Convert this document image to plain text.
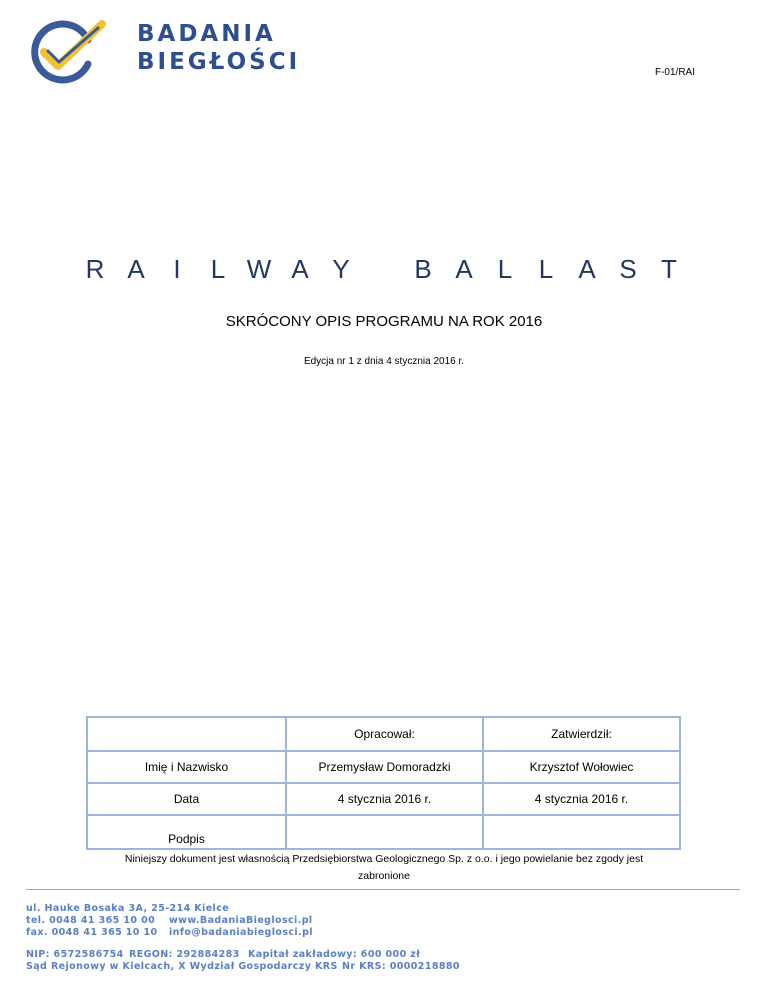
BADANIA
BIEGŁOŚCI	F-01/RAI
R A	I	L W A Y B A L L A S T
SKRÓCONY OPIS PROGRAMU NA ROK 2016
Edycja nr 1 z dnia 4 stycznia 2016 r.
	Opracował:	Zatwierdził:
Imię i Nazwisko	Przemysław Domoradzki	Krzysztof Wołowiec
Data	4 stycznia 2016 r.	4 stycznia 2016 r.
Podpis		
Niniejszy dokument jest własnością Przedsiębiorstwa Geologicznego Sp. z o.o. i jego powielanie bez zgody jest
zabronione
ul. Hauke Bosaka 3A, 25-214 Kielce
tel. 0048 41 365 10 00 www.BadaniaBieglosci.pl
fax. 0048 41 365 10 10 info@badaniabieglosci.pl
NIP: 6572586754 REGON: 292884283 Kapitał zakładowy: 600 000 zł
Sąd Rejonowy w Kielcach, X Wydział Gospodarczy KRS Nr KRS: 0000218880
